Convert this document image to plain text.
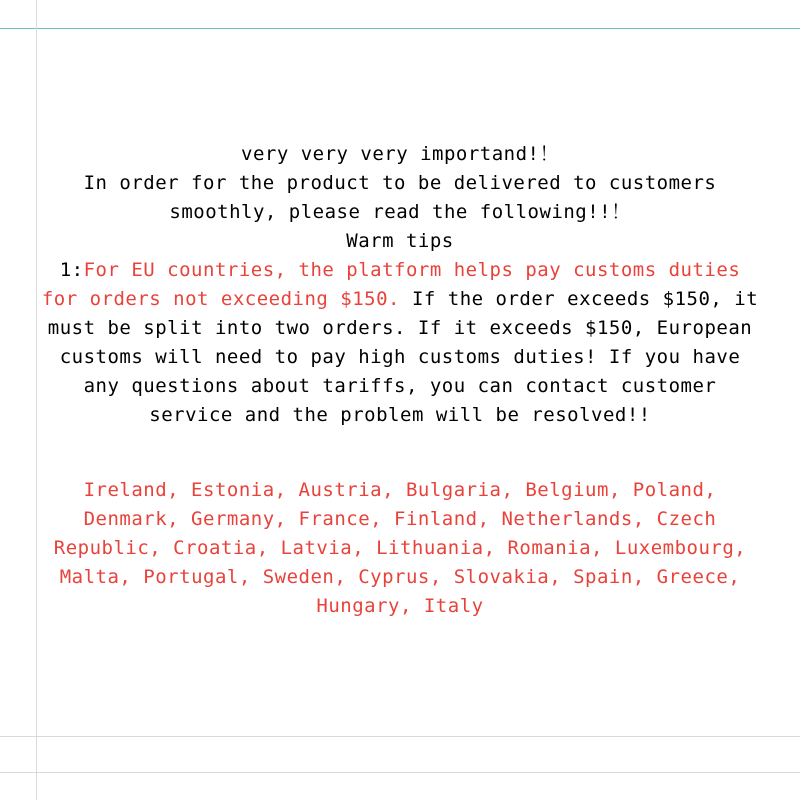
very very very importand!！
In order for the product to be delivered to customers
smoothly, please read the following!!！
Warm tips
1:For EU countries, the platform helps pay customs duties
for orders not exceeding $150. If the order exceeds $150, it
must be split into two orders. If it exceeds $150, European
customs will need to pay high customs duties! If you have
any questions about tariffs, you can contact customer
service and the problem will be resolved!!
Ireland, Estonia, Austria, Bulgaria, Belgium, Poland,
Denmark, Germany, France, Finland, Netherlands, Czech
Republic, Croatia, Latvia, Lithuania, Romania, Luxembourg,
Malta, Portugal, Sweden, Cyprus, Slovakia, Spain, Greece,
Hungary, Italy
